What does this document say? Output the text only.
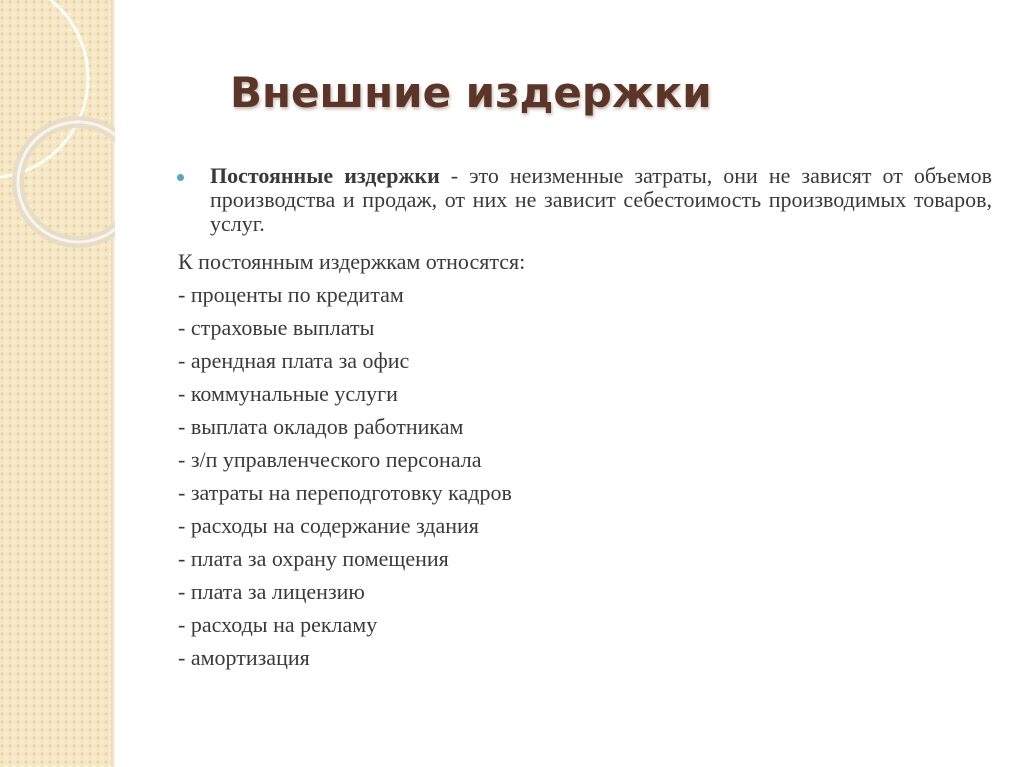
Внешние издержки
Постоянные издержки - это неизменные затраты, они не зависят от объемов производства и продаж, от них не зависит себестоимость производимых товаров, услуг.
К постоянным издержкам относятся:
- проценты по кредитам
- страховые выплаты
- арендная плата за офис
- коммунальные услуги
- выплата окладов работникам
- з/п управленческого персонала
- затраты на переподготовку кадров
- расходы на содержание здания
- плата за охрану помещения
- плата за лицензию
- расходы на рекламу
- амортизация
